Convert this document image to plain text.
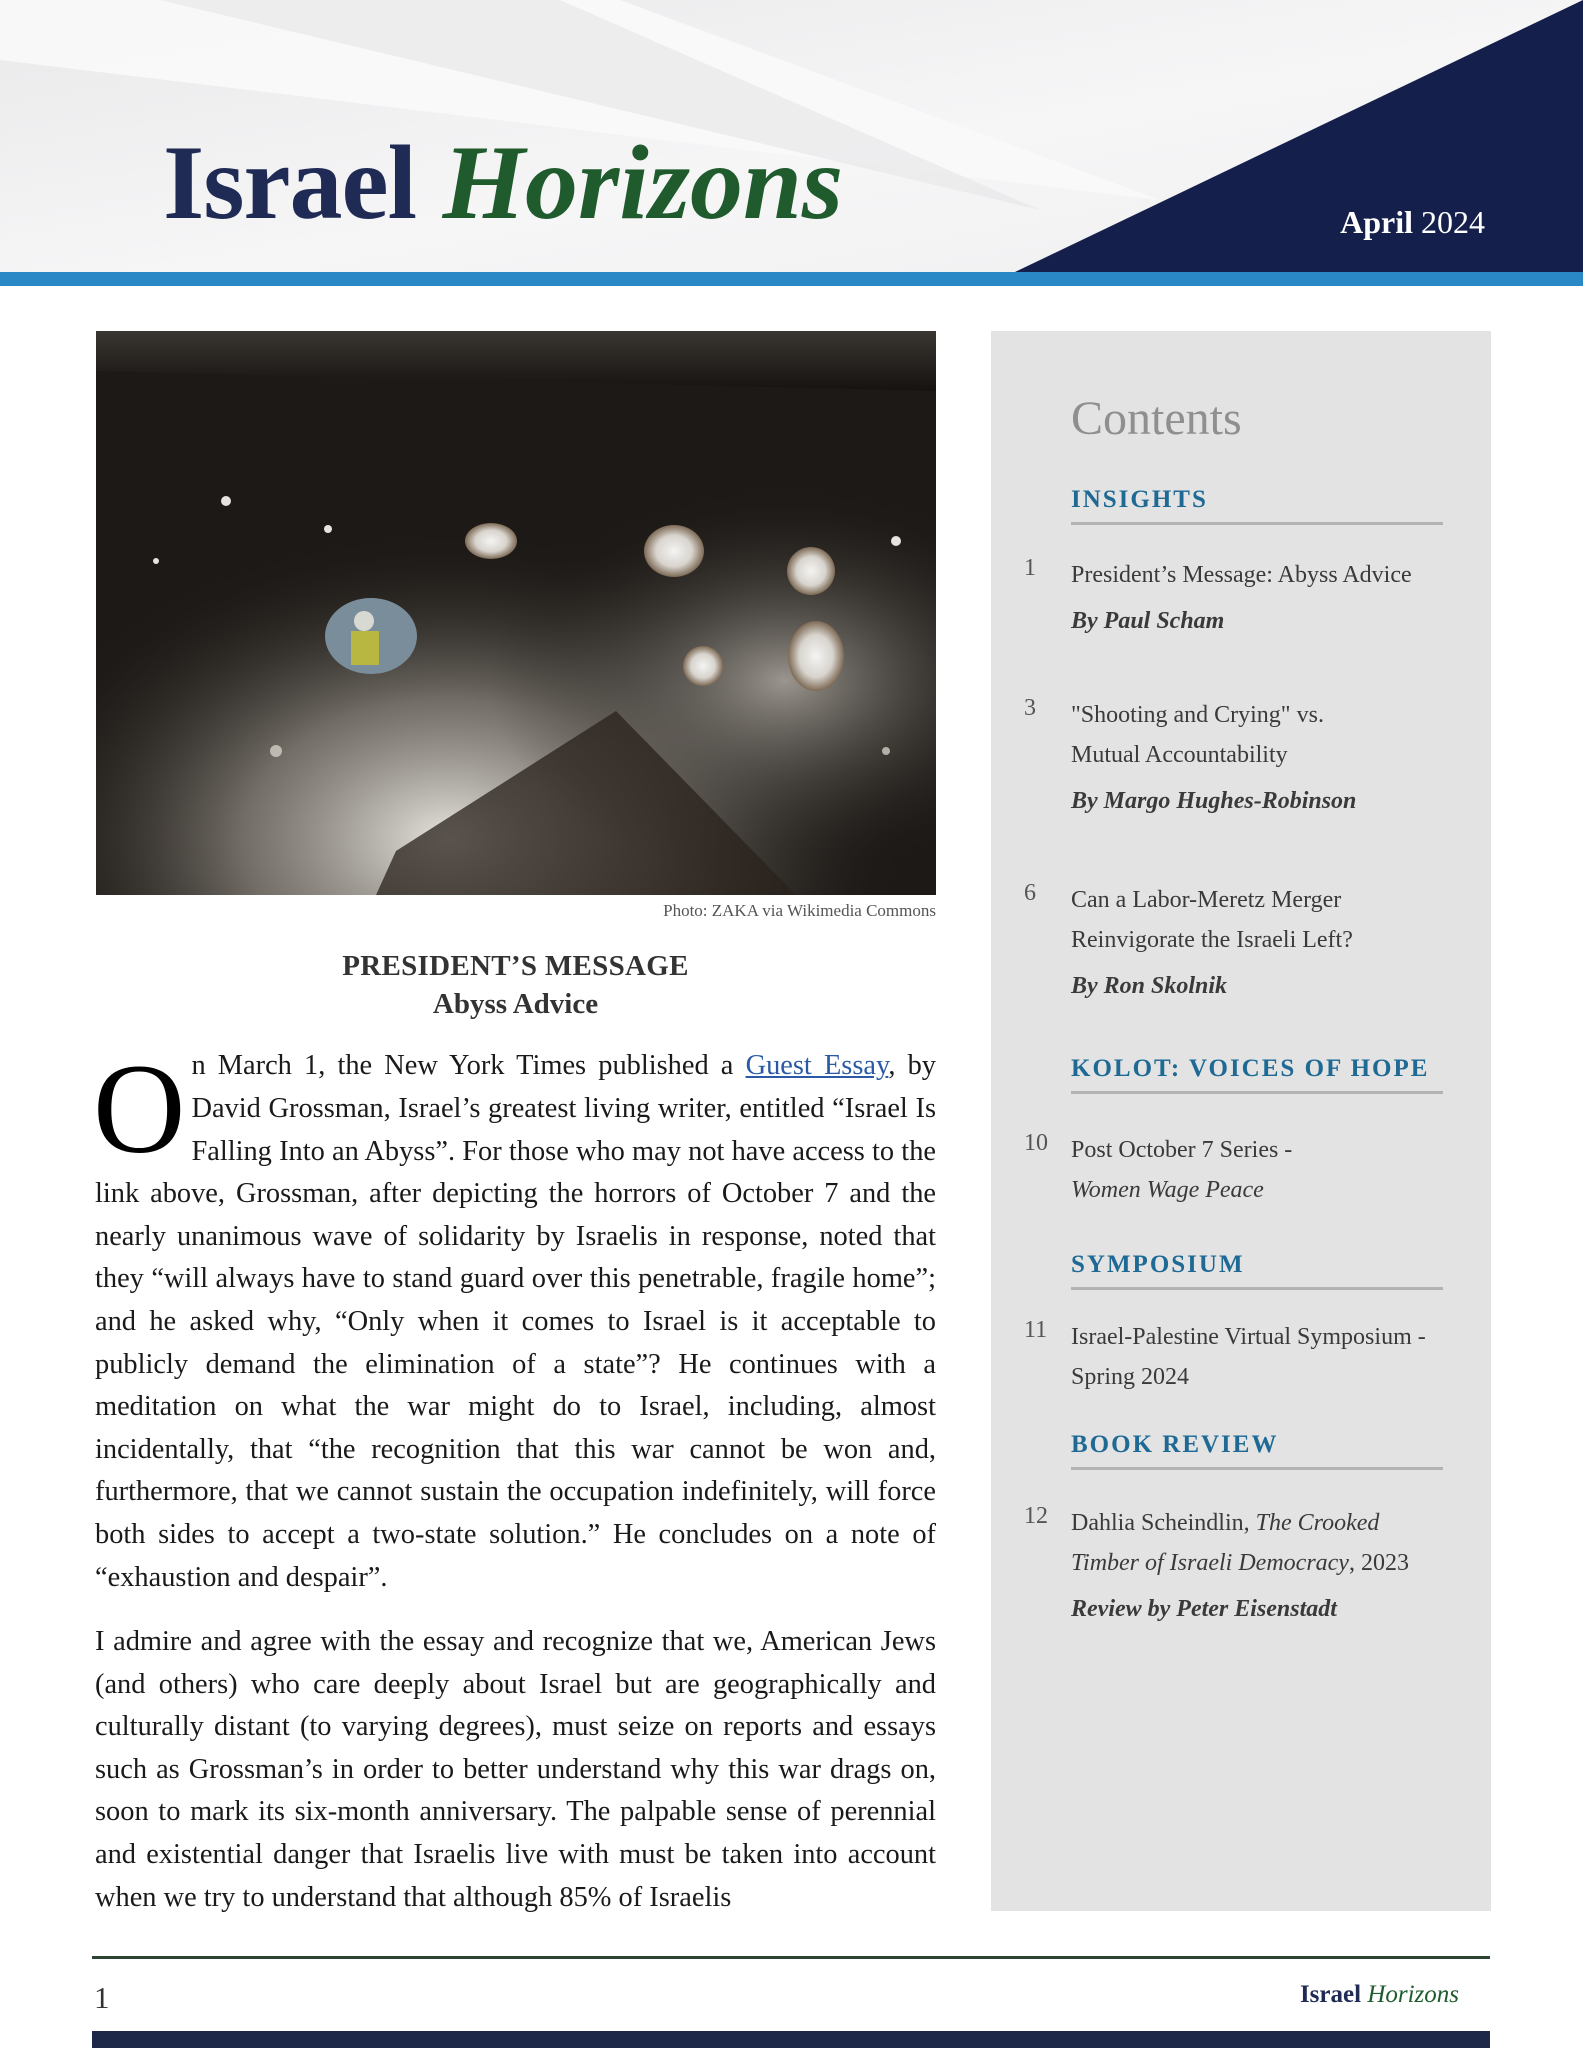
Israel Horizons	April 2024
Photo: ZAKA via Wikimedia Commons
PRESIDENT’S MESSAGE
Abyss Advice

On March 1, the New York Times published a Guest Essay, by David Grossman, Israel’s greatest living writer, entitled “Israel Is Falling Into an Abyss”. For those who may not have access to the link above, Grossman, after depicting the horrors of October 7 and the nearly unanimous wave of solidarity by Israelis in response, noted that they “will always have to stand guard over this penetrable, fragile home”; and he asked why, “Only when it comes to Israel is it acceptable to publicly demand the elimination of a state”? He continues with a meditation on what the war might do to Israel, including, almost incidentally, that “the recognition that this war cannot be won and, furthermore, that we cannot sustain the occupation indefinitely, will force both sides to accept a two-state solution.” He concludes on a note of “exhaustion and despair”.

I admire and agree with the essay and recognize that we, American Jews (and others) who care deeply about Israel but are geographically and culturally distant (to varying degrees), must seize on reports and essays such as Grossman’s in order to better understand why this war drags on, soon to mark its six-month anniversary. The palpable sense of perennial and existential danger that Israelis live with must be taken into account when we try to understand that although 85% of Israelis

Contents
INSIGHTS
1 President’s Message: Abyss Advice
By Paul Scham
3 "Shooting and Crying" vs.
Mutual Accountability
By Margo Hughes-Robinson
6 Can a Labor-Meretz Merger
Reinvigorate the Israeli Left?
By Ron Skolnik
KOLOT: VOICES OF HOPE
10 Post October 7 Series -
Women Wage Peace
SYMPOSIUM
11 Israel-Palestine Virtual Symposium -
Spring 2024
BOOK REVIEW
12 Dahlia Scheindlin, The Crooked
Timber of Israeli Democracy, 2023
Review by Peter Eisenstadt
1	Israel Horizons
